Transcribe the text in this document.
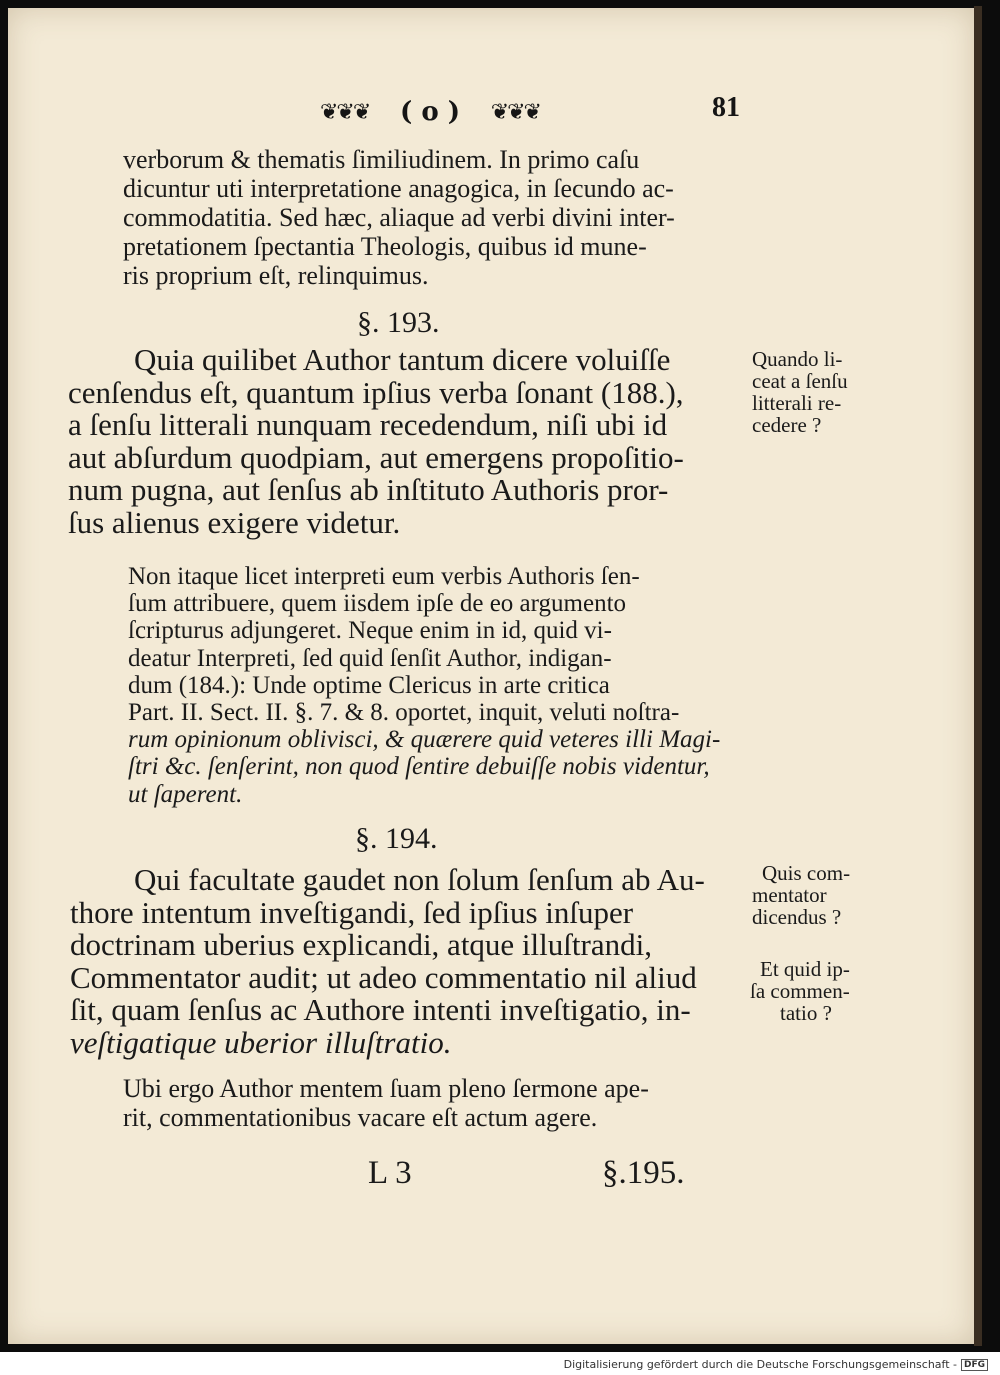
❦❦❦ ( o ) ❦❦❦	81
verborum & thematis ſimiliudinem. In primo caſu
dicuntur uti interpretatione anagogica, in ſecundo ac-
commodatitia. Sed hæc, aliaque ad verbi divini inter-
pretationem ſpectantia Theologis, quibus id mune-
ris proprium eſt, relinquimus.
§. 193.
Quia quilibet Author tantum dicere voluiſſe
cenſendus eſt, quantum ipſius verba ſonant (188.),
a ſenſu litterali nunquam recedendum, niſi ubi id
aut abſurdum quodpiam, aut emergens propoſitio-
num pugna, aut ſenſus ab inſtituto Authoris pror-
ſus alienus exigere videtur.
Quando li-
ceat a ſenſu
litterali re-
cedere ?
Non itaque licet interpreti eum verbis Authoris ſen-
ſum attribuere, quem iisdem ipſe de eo argumento
ſcripturus adjungeret. Neque enim in id, quid vi-
deatur Interpreti, ſed quid ſenſit Author, indigan-
dum (184.): Unde optime Clericus in arte critica
Part. II. Sect. II. §. 7. & 8. oportet, inquit, veluti noſtra-
rum opinionum oblivisci, & quærere quid veteres illi Magi-
ſtri &c. ſenſerint, non quod ſentire debuiſſe nobis videntur,
ut ſaperent.
§. 194.
Qui facultate gaudet non ſolum ſenſum ab Au-
thore intentum inveſtigandi, ſed ipſius inſuper
doctrinam uberius explicandi, atque illuſtrandi,
Commentator audit; ut adeo commentatio nil aliud
ſit, quam ſenſus ac Authore intenti inveſtigatio, in-
veſtigatique uberior illuſtratio.
Quis com-
mentator
dicendus ?
Et quid ip-
ſa commen-
tatio ?
Ubi ergo Author mentem ſuam pleno ſermone ape-
rit, commentationibus vacare eſt actum agere.
L 3	§.195.
Digitalisierung gefördert durch die Deutsche Forschungsgemeinschaft - DFG
